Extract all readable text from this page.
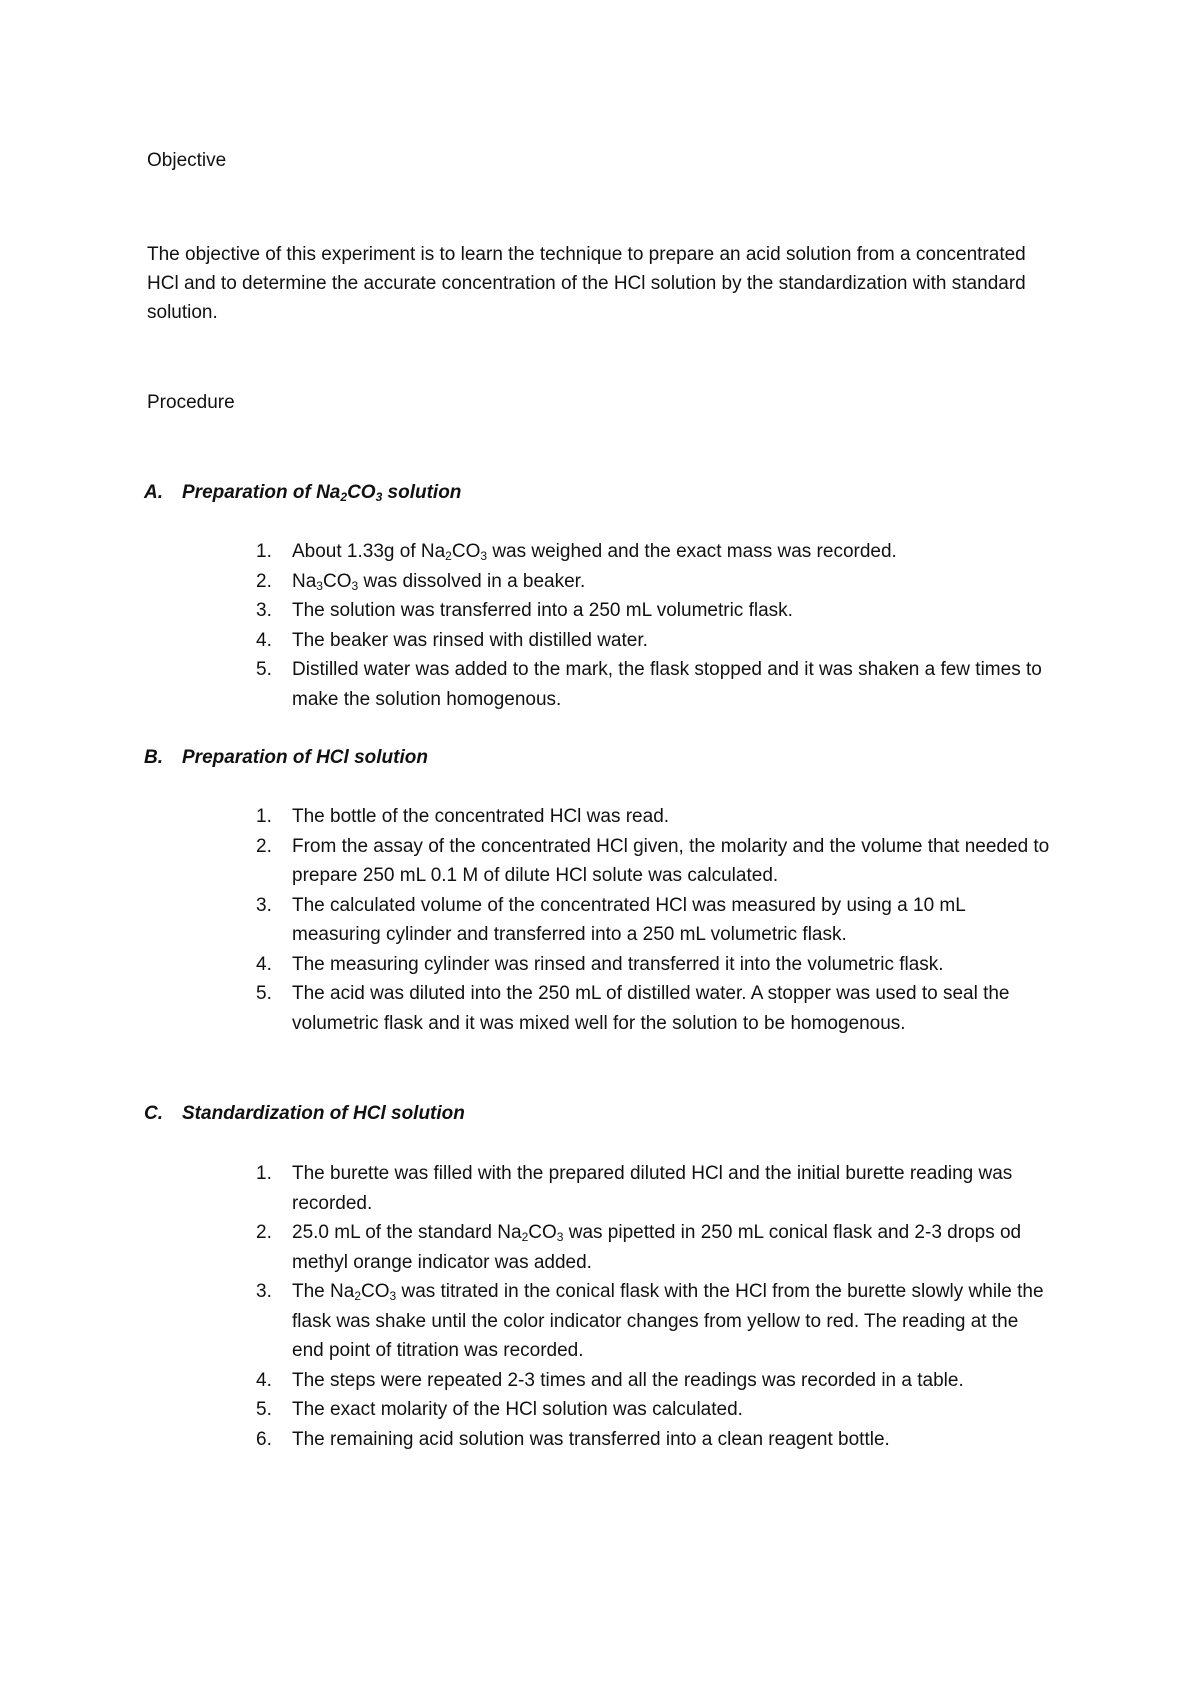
Objective

The objective of this experiment is to learn the technique to prepare an acid solution from a concentrated HCl and to determine the accurate concentration of the HCl solution by the standardization with standard solution.

Procedure
A. Preparation of $Na_2CO_3$ solution
1. About 1.33g of $Na_2CO_3$ was weighed and the exact mass was recorded.
2. $Na_3CO_3$ was dissolved in a beaker.
3. The solution was transferred into a 250 mL volumetric flask.
4. The beaker was rinsed with distilled water.
5. Distilled water was added to the mark, the flask stopped and it was shaken a few times to make the solution homogenous.
B. Preparation of HCl solution
1. The bottle of the concentrated HCl was read.
2. From the assay of the concentrated HCl given, the molarity and the volume that needed to prepare 250 mL 0.1 M of dilute HCl solute was calculated.
3. The calculated volume of the concentrated HCl was measured by using a 10 mL measuring cylinder and transferred into a 250 mL volumetric flask.
4. The measuring cylinder was rinsed and transferred it into the volumetric flask.
5. The acid was diluted into the 250 mL of distilled water. A stopper was used to seal the volumetric flask and it was mixed well for the solution to be homogenous.
C. Standardization of HCl solution
1. The burette was filled with the prepared diluted HCl and the initial burette reading was recorded.
2. 25.0 mL of the standard $Na_2CO_3$ was pipetted in 250 mL conical flask and 2-3 drops od methyl orange indicator was added.
3. The $Na_2CO_3$ was titrated in the conical flask with the HCl from the burette slowly while the flask was shake until the color indicator changes from yellow to red. The reading at the end point of titration was recorded.
4. The steps were repeated 2-3 times and all the readings was recorded in a table.
5. The exact molarity of the HCl solution was calculated.
6. The remaining acid solution was transferred into a clean reagent bottle.
